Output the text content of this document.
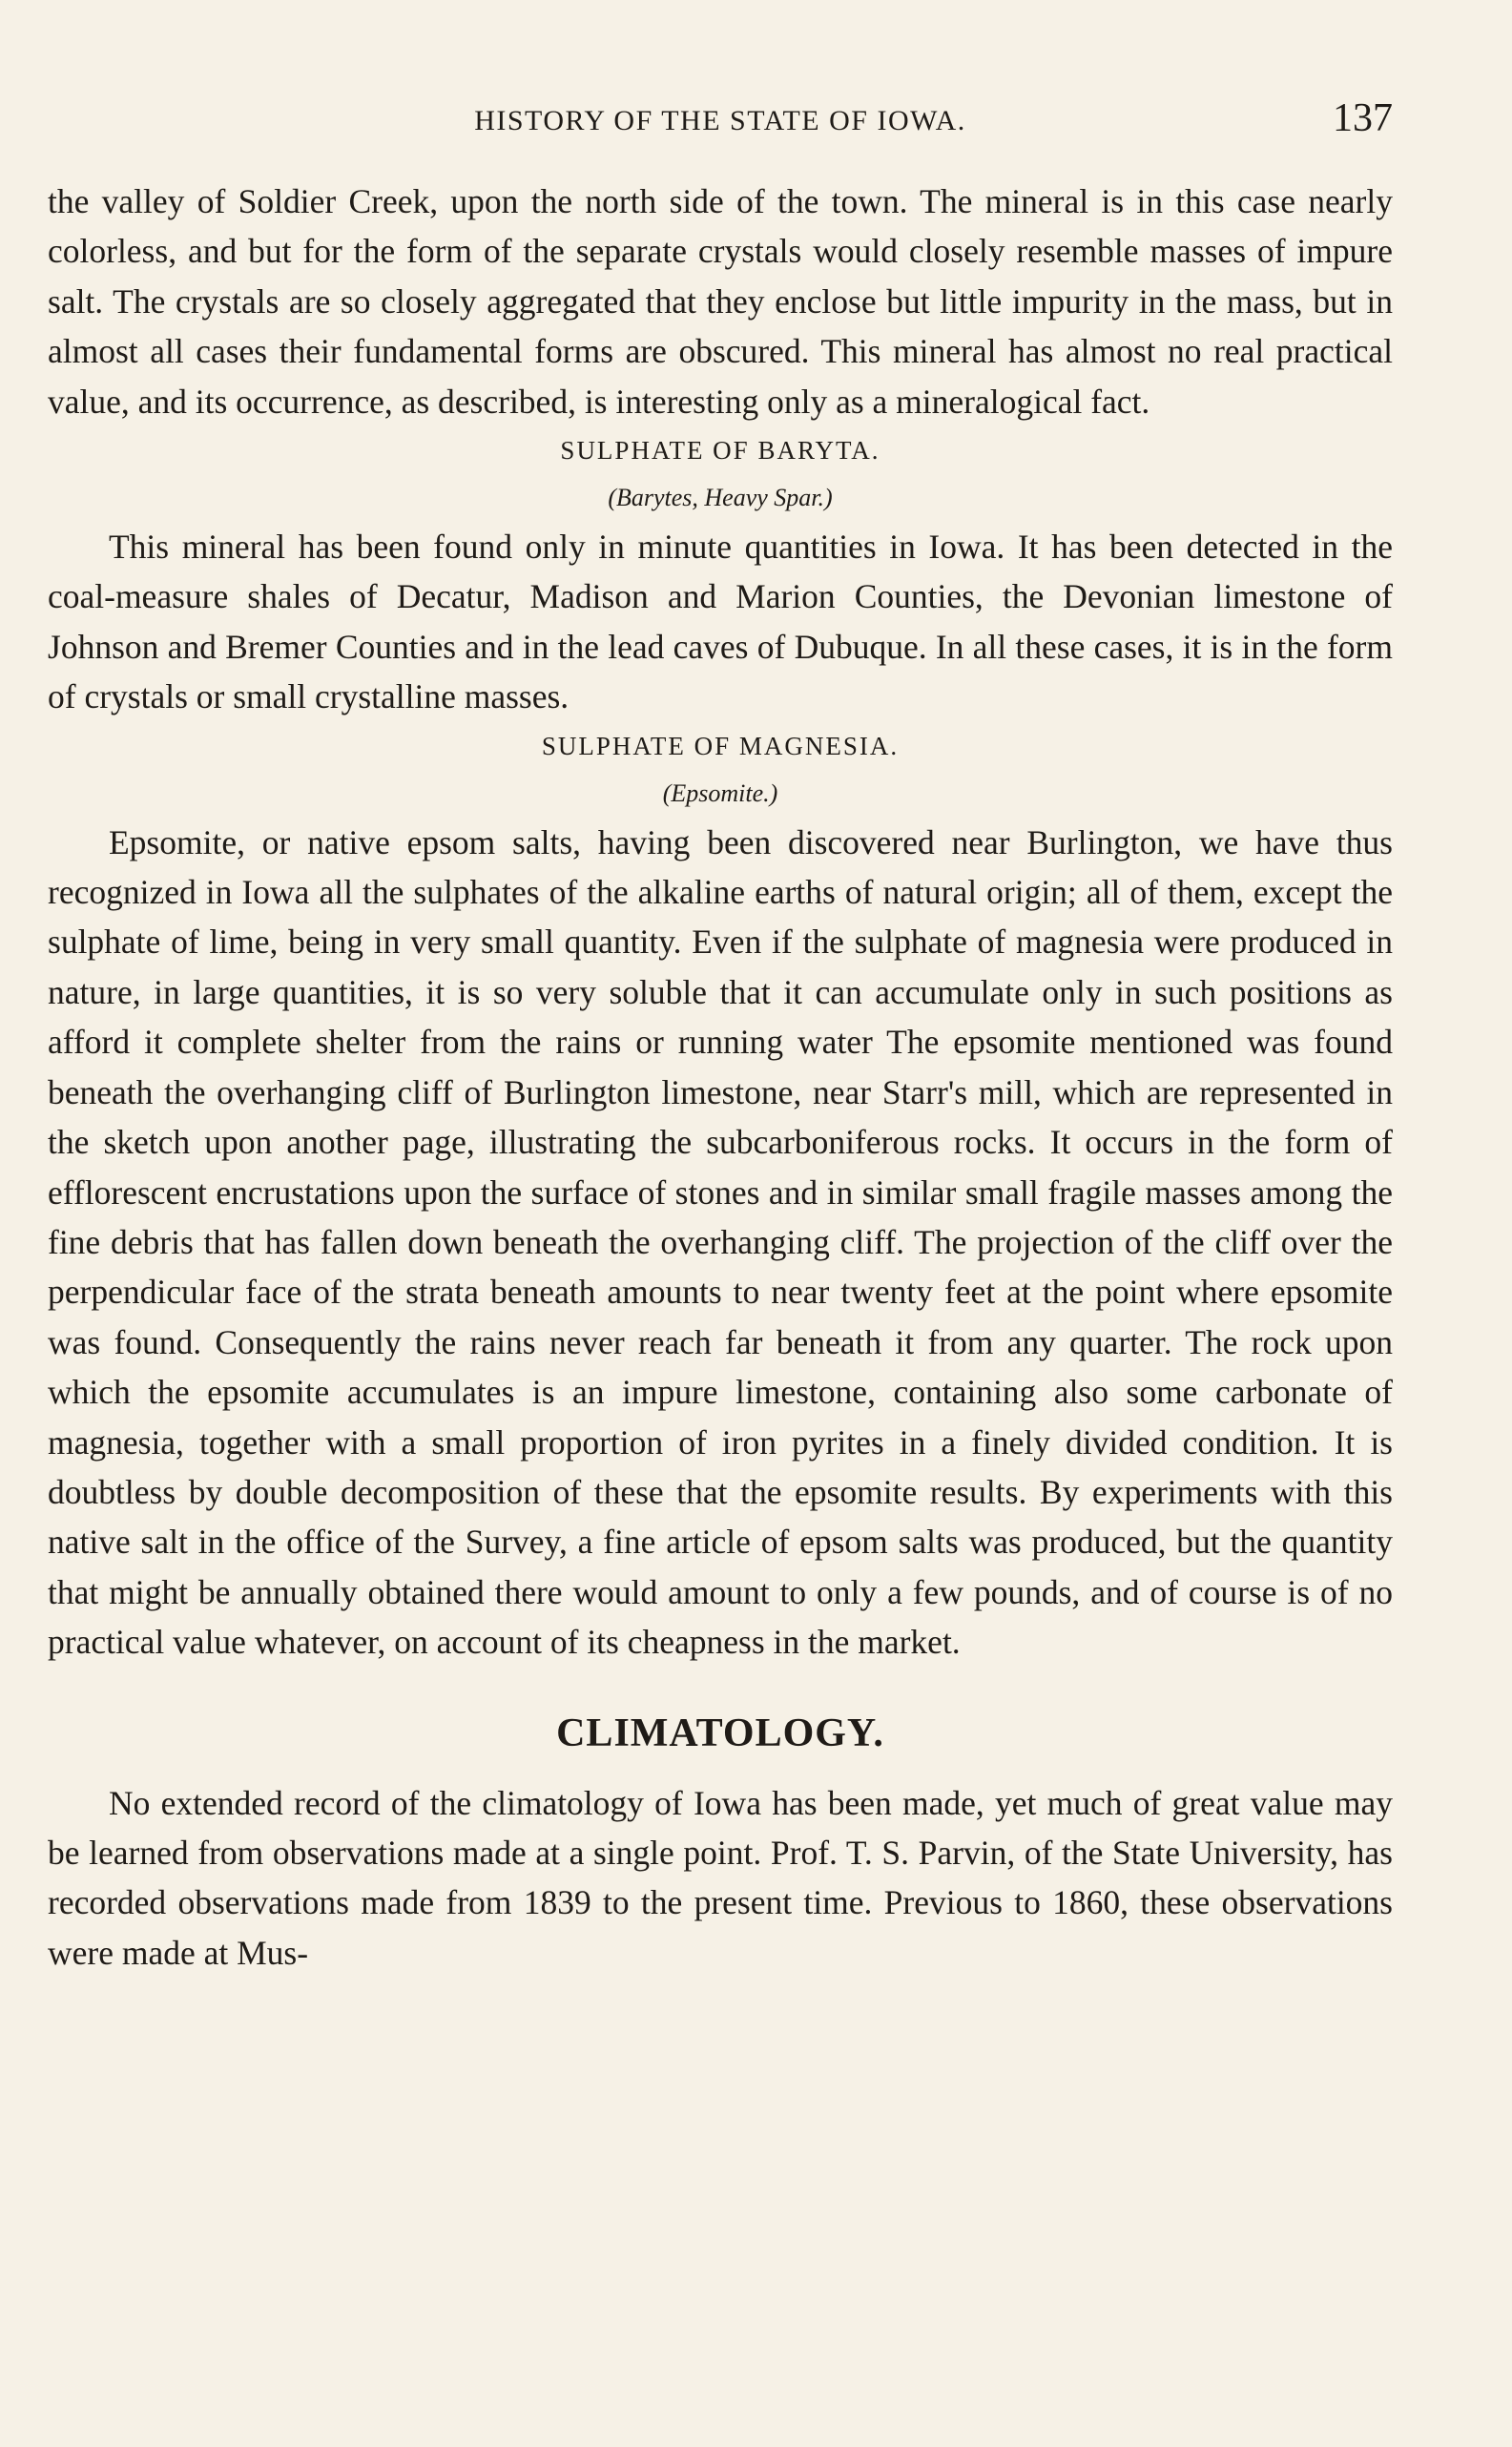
HISTORY OF THE STATE OF IOWA.	137

the valley of Soldier Creek, upon the north side of the town. The mineral is in this case nearly colorless, and but for the form of the separate crystals would closely resemble masses of impure salt. The crystals are so closely aggregated that they enclose but little impurity in the mass, but in almost all cases their fundamental forms are obscured. This mineral has almost no real practical value, and its occurrence, as described, is interesting only as a mineralogical fact.

SULPHATE OF BARYTA.

(Barytes, Heavy Spar.)

This mineral has been found only in minute quantities in Iowa. It has been detected in the coal-measure shales of Decatur, Madison and Marion Counties, the Devonian limestone of Johnson and Bremer Counties and in the lead caves of Dubuque. In all these cases, it is in the form of crystals or small crystalline masses.

SULPHATE OF MAGNESIA.

(Epsomite.)

Epsomite, or native epsom salts, having been discovered near Burlington, we have thus recognized in Iowa all the sulphates of the alkaline earths of natural origin; all of them, except the sulphate of lime, being in very small quantity. Even if the sulphate of magnesia were produced in nature, in large quantities, it is so very soluble that it can accumulate only in such positions as afford it complete shelter from the rains or running water The epsomite mentioned was found beneath the overhanging cliff of Burlington limestone, near Starr's mill, which are represented in the sketch upon another page, illustrating the subcarboniferous rocks. It occurs in the form of efflorescent encrustations upon the surface of stones and in similar small fragile masses among the fine debris that has fallen down beneath the overhanging cliff. The projection of the cliff over the perpendicular face of the strata beneath amounts to near twenty feet at the point where epsomite was found. Consequently the rains never reach far beneath it from any quarter. The rock upon which the epsomite accumulates is an impure limestone, containing also some carbonate of magnesia, together with a small proportion of iron pyrites in a finely divided condition. It is doubtless by double decomposition of these that the epsomite results. By experiments with this native salt in the office of the Survey, a fine article of epsom salts was produced, but the quantity that might be annually obtained there would amount to only a few pounds, and of course is of no practical value whatever, on account of its cheapness in the market.

CLIMATOLOGY.

No extended record of the climatology of Iowa has been made, yet much of great value may be learned from observations made at a single point. Prof. T. S. Parvin, of the State University, has recorded observations made from 1839 to the present time. Previous to 1860, these observations were made at Mus-
